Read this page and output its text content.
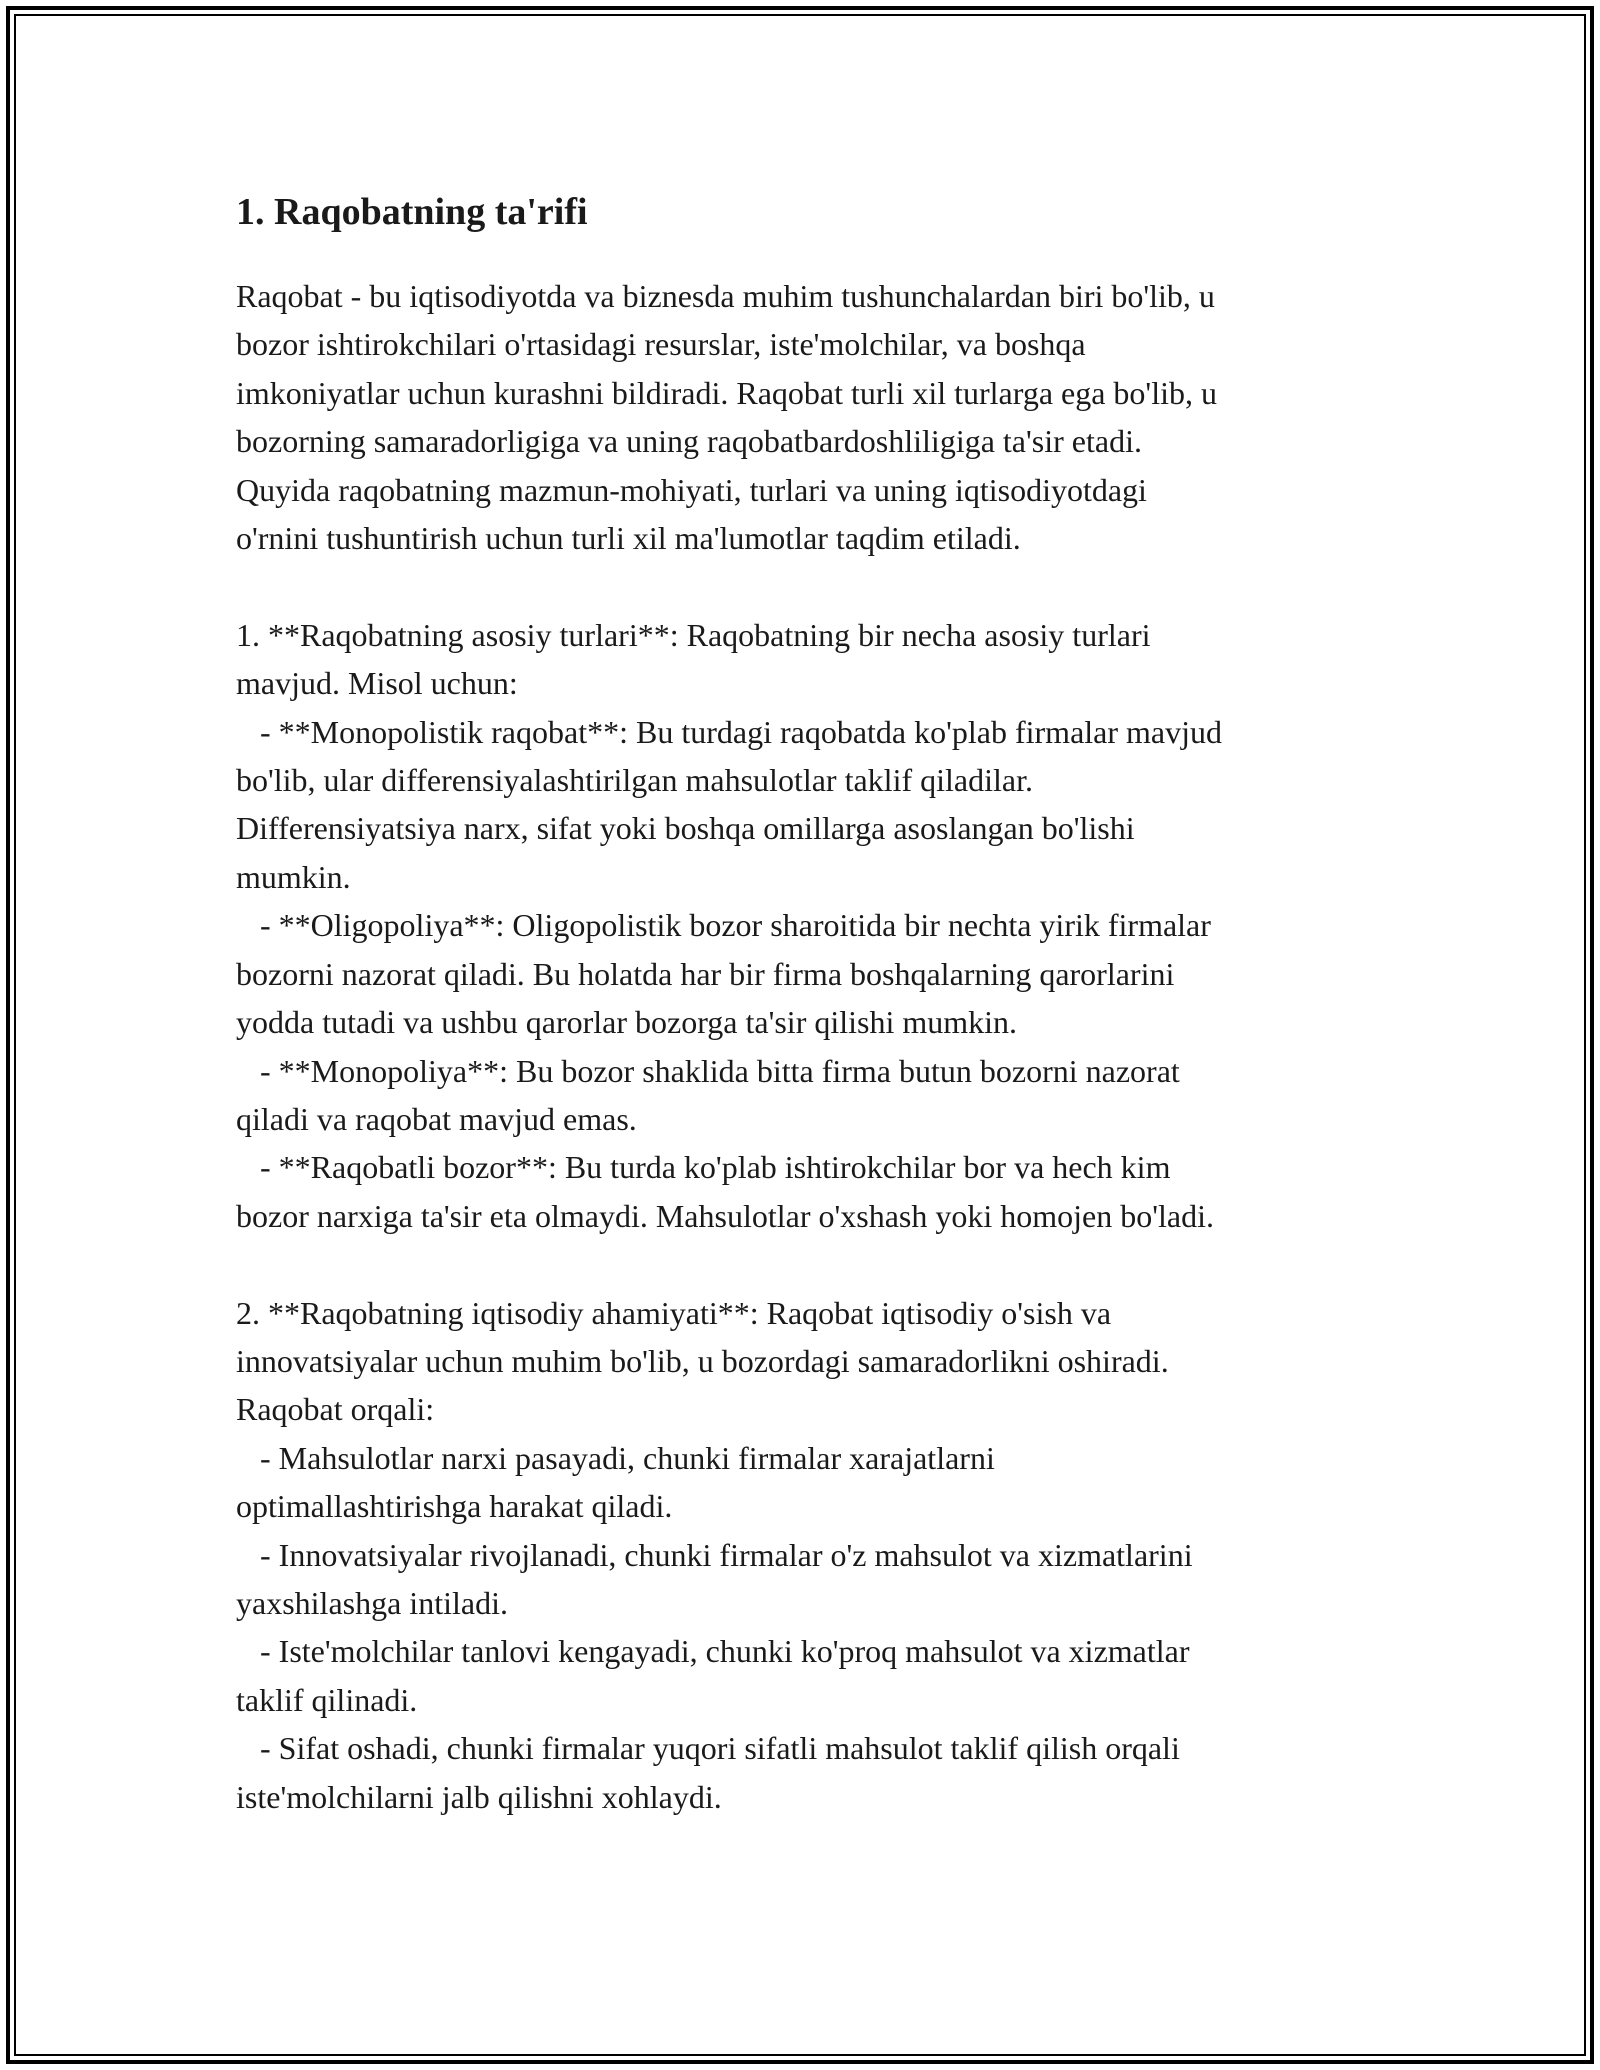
1. Raqobatning ta'rifi

Raqobat - bu iqtisodiyotda va biznesda muhim tushunchalardan biri bo'lib, u
bozor ishtirokchilari o'rtasidagi resurslar, iste'molchilar, va boshqa
imkoniyatlar uchun kurashni bildiradi. Raqobat turli xil turlarga ega bo'lib, u
bozorning samaradorligiga va uning raqobatbardoshliligiga ta'sir etadi.
Quyida raqobatning mazmun-mohiyati, turlari va uning iqtisodiyotdagi
o'rnini tushuntirish uchun turli xil ma'lumotlar taqdim etiladi.

1. **Raqobatning asosiy turlari**: Raqobatning bir necha asosiy turlari
mavjud. Misol uchun:
- **Monopolistik raqobat**: Bu turdagi raqobatda ko'plab firmalar mavjud
bo'lib, ular differensiyalashtirilgan mahsulotlar taklif qiladilar.
Differensiyatsiya narx, sifat yoki boshqa omillarga asoslangan bo'lishi
mumkin.
- **Oligopoliya**: Oligopolistik bozor sharoitida bir nechta yirik firmalar
bozorni nazorat qiladi. Bu holatda har bir firma boshqalarning qarorlarini
yodda tutadi va ushbu qarorlar bozorga ta'sir qilishi mumkin.
- **Monopoliya**: Bu bozor shaklida bitta firma butun bozorni nazorat
qiladi va raqobat mavjud emas.
- **Raqobatli bozor**: Bu turda ko'plab ishtirokchilar bor va hech kim
bozor narxiga ta'sir eta olmaydi. Mahsulotlar o'xshash yoki homojen bo'ladi.

2. **Raqobatning iqtisodiy ahamiyati**: Raqobat iqtisodiy o'sish va
innovatsiyalar uchun muhim bo'lib, u bozordagi samaradorlikni oshiradi.
Raqobat orqali:
- Mahsulotlar narxi pasayadi, chunki firmalar xarajatlarni
optimallashtirishga harakat qiladi.
- Innovatsiyalar rivojlanadi, chunki firmalar o'z mahsulot va xizmatlarini
yaxshilashga intiladi.
- Iste'molchilar tanlovi kengayadi, chunki ko'proq mahsulot va xizmatlar
taklif qilinadi.
- Sifat oshadi, chunki firmalar yuqori sifatli mahsulot taklif qilish orqali
iste'molchilarni jalb qilishni xohlaydi.
